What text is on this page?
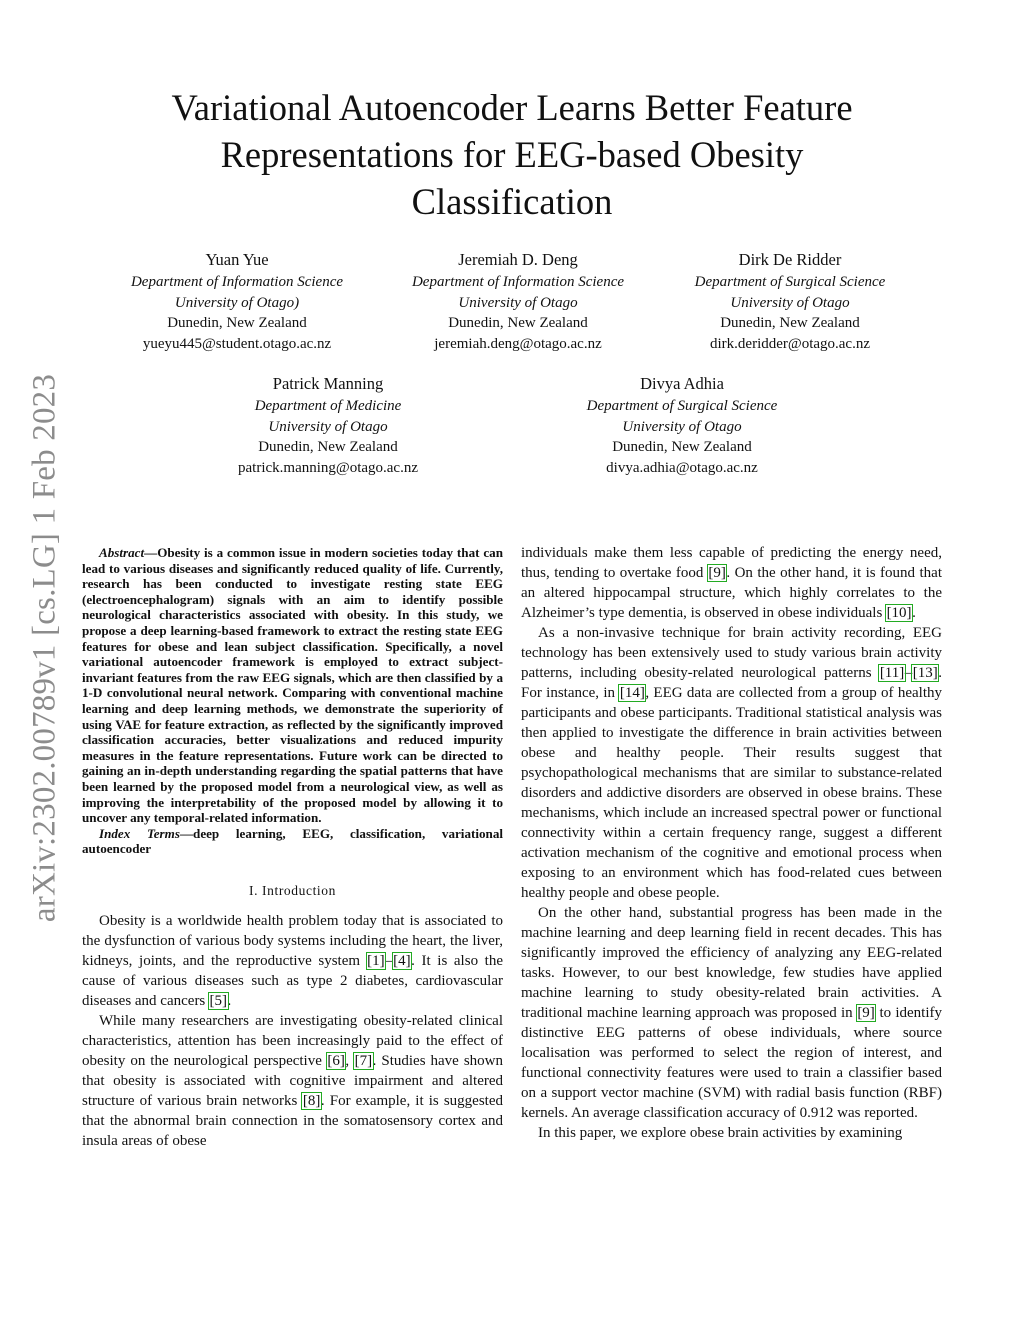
arXiv:2302.00789v1 [cs.LG] 1 Feb 2023
Variational Autoencoder Learns Better Feature
Representations for EEG-based Obesity
Classification
Yuan Yue
Department of Information Science
University of Otago)
Dunedin, New Zealand
yueyu445@student.otago.ac.nz
Jeremiah D. Deng
Department of Information Science
University of Otago
Dunedin, New Zealand
jeremiah.deng@otago.ac.nz
Dirk De Ridder
Department of Surgical Science
University of Otago
Dunedin, New Zealand
dirk.deridder@otago.ac.nz
Patrick Manning
Department of Medicine
University of Otago
Dunedin, New Zealand
patrick.manning@otago.ac.nz
Divya Adhia
Department of Surgical Science
University of Otago
Dunedin, New Zealand
divya.adhia@otago.ac.nz

Abstract—Obesity is a common issue in modern societies today that can lead to various diseases and significantly reduced quality of life. Currently, research has been conducted to investigate resting state EEG (electroencephalogram) signals with an aim to identify possible neurological characteristics associated with obesity. In this study, we propose a deep learning-based framework to extract the resting state EEG features for obese and lean subject classification. Specifically, a novel variational autoencoder framework is employed to extract subject-invariant features from the raw EEG signals, which are then classified by a 1-D convolutional neural network. Comparing with conventional machine learning and deep learning methods, we demonstrate the superiority of using VAE for feature extraction, as reflected by the significantly improved classification accuracies, better visualizations and reduced impurity measures in the feature representations. Future work can be directed to gaining an in-depth understanding regarding the spatial patterns that have been learned by the proposed model from a neurological view, as well as improving the interpretability of the proposed model by allowing it to uncover any temporal-related information.

Index Terms—deep learning, EEG, classification, variational autoencoder

I. Introduction

Obesity is a worldwide health problem today that is associated to the dysfunction of various body systems including the heart, the liver, kidneys, joints, and the reproductive system [1]–[4]. It is also the cause of various diseases such as type 2 diabetes, cardiovascular diseases and cancers [5].

While many researchers are investigating obesity-related clinical characteristics, attention has been increasingly paid to the effect of obesity on the neurological perspective [6], [7]. Studies have shown that obesity is associated with cognitive impairment and altered structure of various brain networks [8]. For example, it is suggested that the abnormal brain connection in the somatosensory cortex and insula areas of obese

individuals make them less capable of predicting the energy need, thus, tending to overtake food [9]. On the other hand, it is found that an altered hippocampal structure, which highly correlates to the Alzheimer’s type dementia, is observed in obese individuals [10].

As a non-invasive technique for brain activity recording, EEG technology has been extensively used to study various brain activity patterns, including obesity-related neurological patterns [11]–[13]. For instance, in [14], EEG data are collected from a group of healthy participants and obese participants. Traditional statistical analysis was then applied to investigate the difference in brain activities between obese and healthy people. Their results suggest that psychopathological mechanisms that are similar to substance-related disorders and addictive disorders are observed in obese brains. These mechanisms, which include an increased spectral power or functional connectivity within a certain frequency range, suggest a different activation mechanism of the cognitive and emotional process when exposing to an environment which has food-related cues between healthy people and obese people.

On the other hand, substantial progress has been made in the machine learning and deep learning field in recent decades. This has significantly improved the efficiency of analyzing any EEG-related tasks. However, to our best knowledge, few studies have applied machine learning to study obesity-related brain activities. A traditional machine learning approach was proposed in [9] to identify distinctive EEG patterns of obese individuals, where source localisation was performed to select the region of interest, and functional connectivity features were used to train a classifier based on a support vector machine (SVM) with radial basis function (RBF) kernels. An average classification accuracy of 0.912 was reported.

In this paper, we explore obese brain activities by examining
